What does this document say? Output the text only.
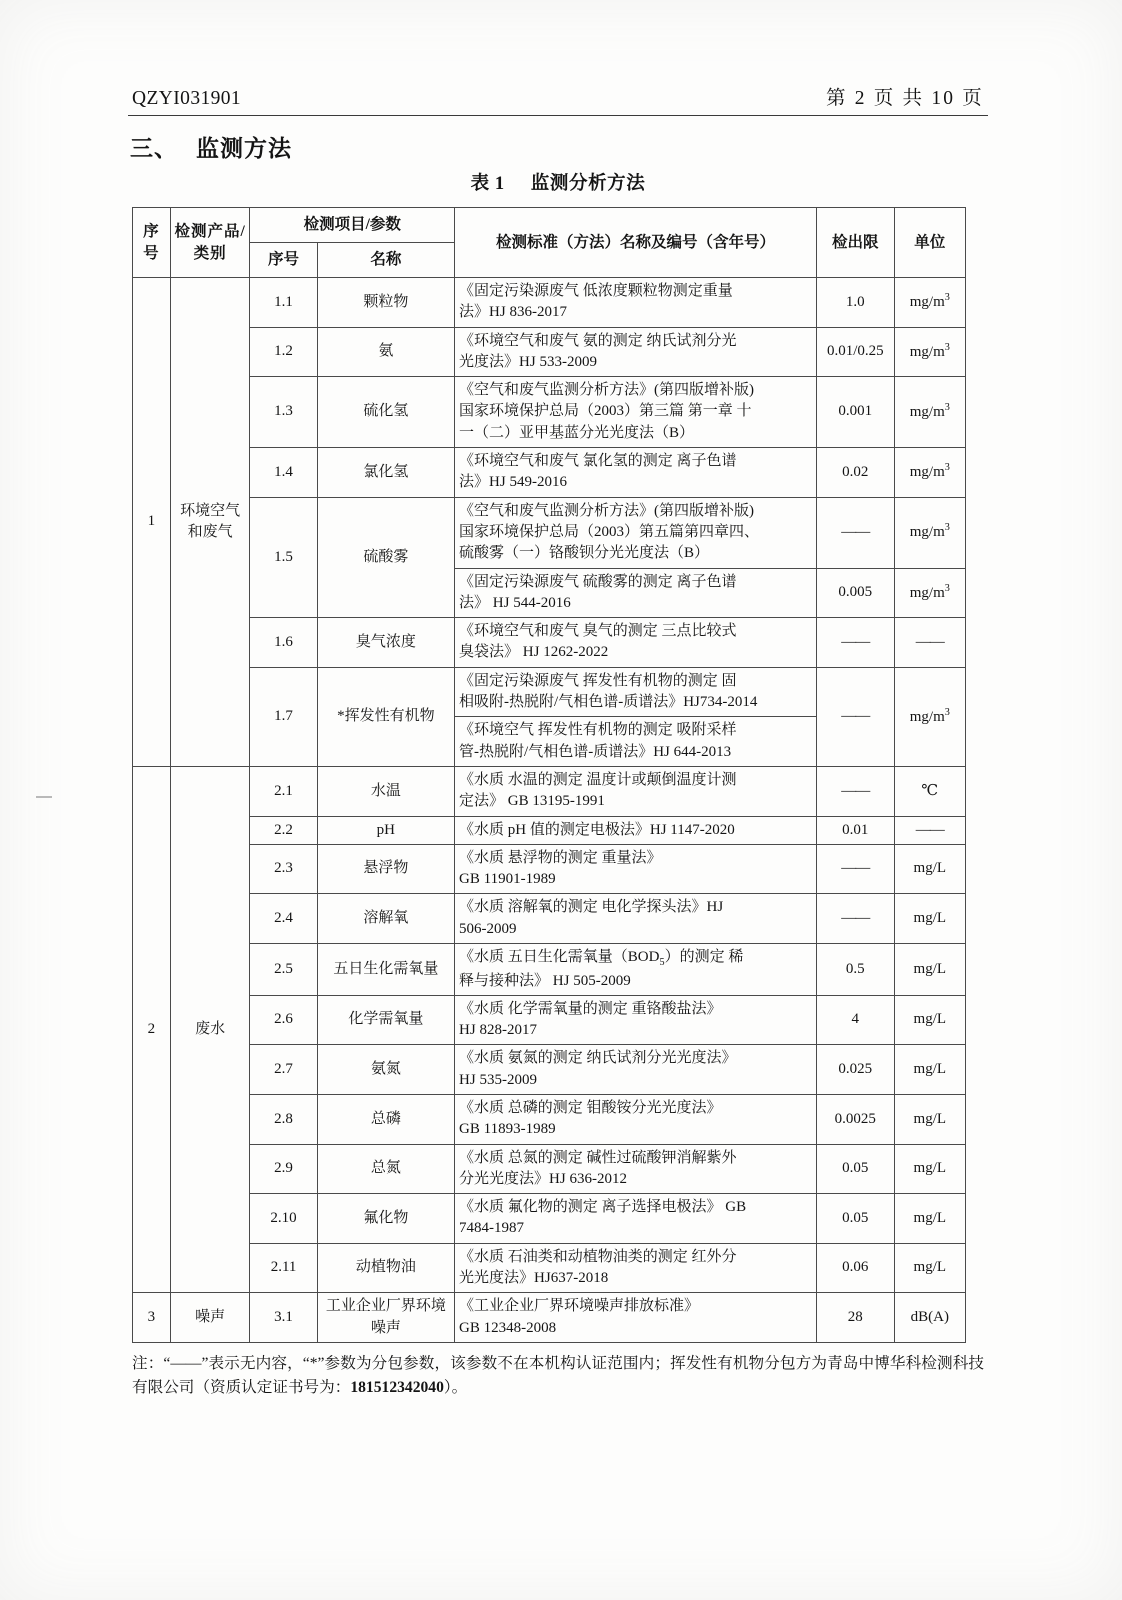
QZYI031901	第 2 页 共 10 页
三、 监测方法
表 1 监测分析方法
序号	检测产品/类别	检测项目/参数		检测标准（方法）名称及编号（含年号）	检出限	单位
		序号	名称			
1	环境空气和废气	1.1	颗粒物	《固定污染源废气 低浓度颗粒物测定重量
法》HJ 836-2017	1.0	$mg/m^3$
		1.2	氨	《环境空气和废气 氨的测定 纳氏试剂分光
光度法》HJ 533-2009	0.01/0.25	$mg/m^3$
		1.3	硫化氢	《空气和废气监测分析方法》(第四版增补版)
国家环境保护总局（2003）第三篇 第一章 十
一（二）亚甲基蓝分光光度法（B）	0.001	$mg/m^3$
		1.4	氯化氢	《环境空气和废气 氯化氢的测定 离子色谱
法》HJ 549-2016	0.02	$mg/m^3$
		1.5	硫酸雾	《空气和废气监测分析方法》(第四版增补版)
国家环境保护总局（2003）第五篇第四章四、
硫酸雾（一）铬酸钡分光光度法（B）	——	$mg/m^3$

				《固定污染源废气 硫酸雾的测定 离子色谱
法》 HJ 544-2016	0.005	$mg/m^3$
		1.6	臭气浓度	《环境空气和废气 臭气的测定 三点比较式
臭袋法》 HJ 1262-2022	——	——
		1.7	*挥发性有机物	《固定污染源废气 挥发性有机物的测定 固
相吸附-热脱附/气相色谱-质谱法》HJ734-2014	——	$mg/m^3$

				《环境空气 挥发性有机物的测定 吸附采样
管-热脱附/气相色谱-质谱法》HJ 644-2013		

2	废水	2.1	水温	《水质 水温的测定 温度计或颠倒温度计测
定法》 GB 13195-1991	——	℃
		2.2	pH	《水质 pH 值的测定电极法》HJ 1147-2020	0.01	——
		2.3	悬浮物	《水质 悬浮物的测定 重量法》
GB 11901-1989	——	mg/L
		2.4	溶解氧	《水质 溶解氧的测定 电化学探头法》HJ
506-2009	——	mg/L
		2.5	五日生化需氧量	《水质 五日生化需氧量$(BOD_5)$的测定 稀
释与接种法》 HJ 505-2009	0.5	mg/L
		2.6	化学需氧量	《水质 化学需氧量的测定 重铬酸盐法》
HJ 828-2017	4	mg/L
		2.7	氨氮	《水质 氨氮的测定 纳氏试剂分光光度法》
HJ 535-2009	0.025	mg/L
		2.8	总磷	《水质 总磷的测定 钼酸铵分光光度法》
GB 11893-1989	0.0025	mg/L
		2.9	总氮	《水质 总氮的测定 碱性过硫酸钾消解紫外
分光光度法》HJ 636-2012	0.05	mg/L
		2.10	氟化物	《水质 氟化物的测定 离子选择电极法》 GB
7484-1987	0.05	mg/L
		2.11	动植物油	《水质 石油类和动植物油类的测定 红外分
光光度法》HJ637-2018	0.06	mg/L
3	噪声	3.1	工业企业厂界环境噪声	《工业企业厂界环境噪声排放标准》
GB 12348-2008	28	dB(A)
注：“——”表示无内容，“*”参数为分包参数，该参数不在本机构认证范围内；挥发性有机物分包方为青岛中博华科检测科技有限公司（资质认定证书号为：181512342040）。
